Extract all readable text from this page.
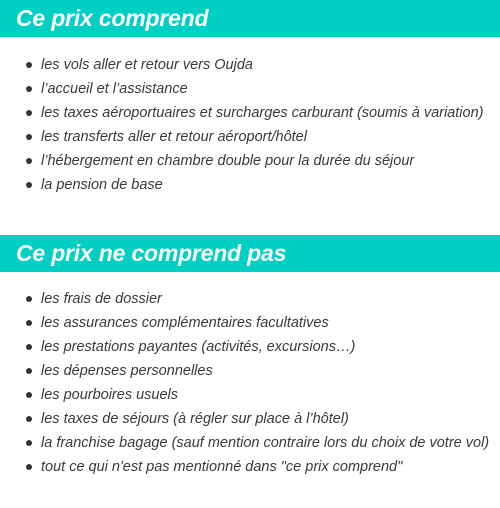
Ce prix comprend
les vols aller et retour vers Oujda
l’accueil et l’assistance
les taxes aéroportuaires et surcharges carburant (soumis à variation)
les transferts aller et retour aéroport/hôtel
l’hébergement en chambre double pour la durée du séjour
la pension de base
Ce prix ne comprend pas
les frais de dossier
les assurances complémentaires facultatives
les prestations payantes (activités, excursions…)
les dépenses personnelles
les pourboires usuels
les taxes de séjours (à régler sur place à l’hôtel)
la franchise bagage (sauf mention contraire lors du choix de votre vol)
tout ce qui n'est pas mentionné dans "ce prix comprend"
